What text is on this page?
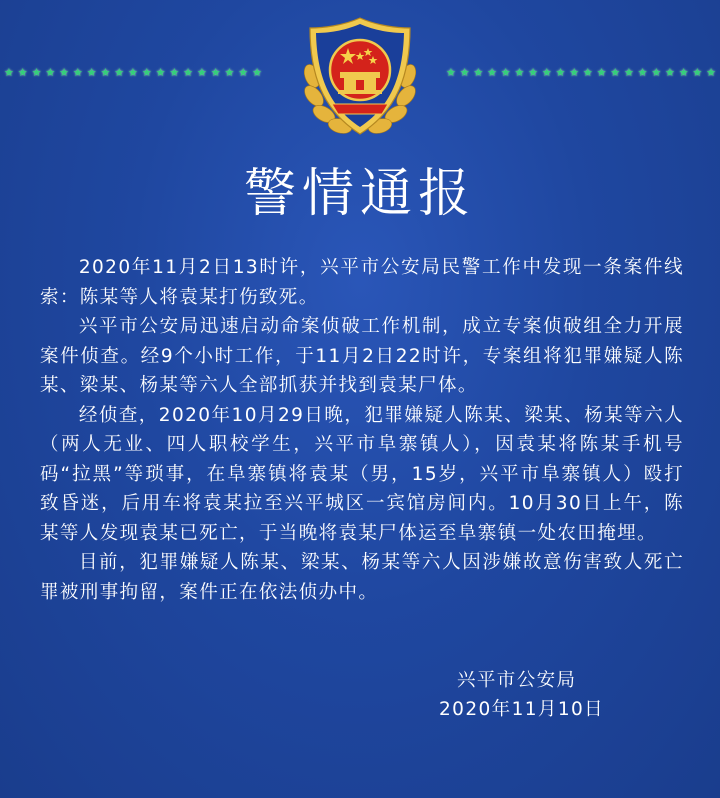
★ ★ ★ ★ ★ ★ ★ ★ ★ ★ ★ ★ ★ ★ ★ ★ ★ ★ ★	★ ★ ★ ★ ★ ★ ★ ★ ★ ★ ★ ★ ★ ★ ★ ★ ★ ★ ★ ★
警情通报

2020年11月2日13时许，兴平市公安局民警工作中发现一条案件线索：陈某等人将袁某打伤致死。

兴平市公安局迅速启动命案侦破工作机制，成立专案侦破组全力开展案件侦查。经9个小时工作，于11月2日22时许，专案组将犯罪嫌疑人陈某、梁某、杨某等六人全部抓获并找到袁某尸体。

经侦查，2020年10月29日晚，犯罪嫌疑人陈某、梁某、杨某等六人（两人无业、四人职校学生，兴平市阜寨镇人），因袁某将陈某手机号码“拉黑”等琐事，在阜寨镇将袁某（男，15岁，兴平市阜寨镇人）殴打致昏迷，后用车将袁某拉至兴平城区一宾馆房间内。10月30日上午，陈某等人发现袁某已死亡，于当晚将袁某尸体运至阜寨镇一处农田掩埋。

目前，犯罪嫌疑人陈某、梁某、杨某等六人因涉嫌故意伤害致人死亡罪被刑事拘留，案件正在依法侦办中。

兴平市公安局
2020年11月10日
